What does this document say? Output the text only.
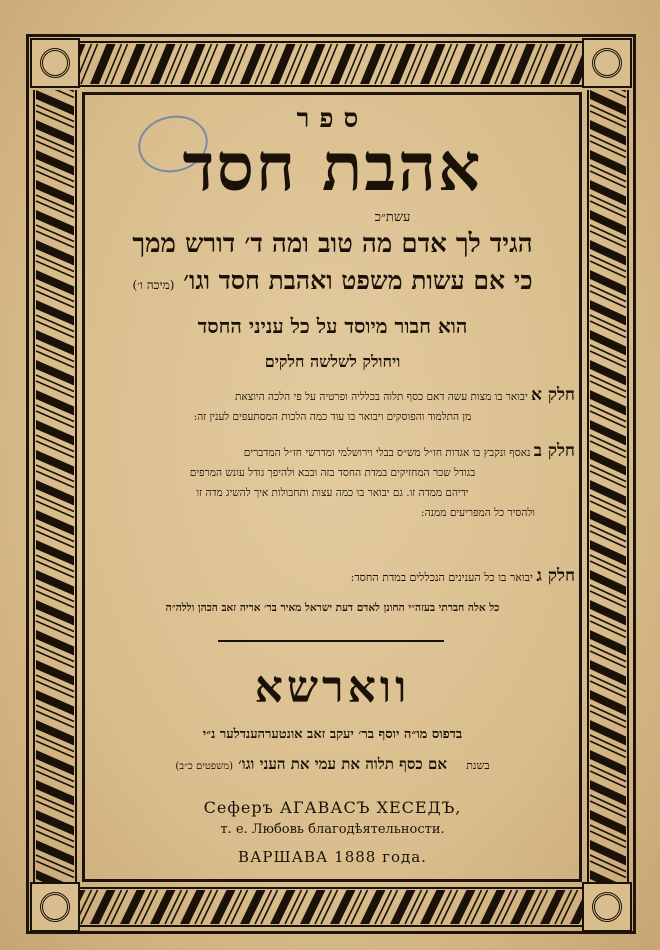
ספר
אהבת חסד
עשת״כ
הגיד לך אדם מה טוב ומה ד׳ דורש ממך
כי אם עשות משפט ואהבת חסד וגו׳ (מיכה ו׳)
הוא חבור מיוסד על כל עניני החסד
ויחולק לשלשה חלקים
חלק א יבואר בו מצות עשה דאם כסף תלוה בכלליה ופרטיה על פי הלכה היוצאת
מן התלמוד והפוסקים ויבואר בו עוד כמה הלכות המסתעפים לענין זה:
חלק ב נאסף ונקבץ בו אגדות חז״ל מש״ס בבלי וירושלמי ומדרשי חז״ל המדברים
בגודל שכר המחזיקים במדת החסד בזה ובבא ולהיפך גודל עונש המרפים
ידיהם ממדה זו. גם יבואר בו כמה עצות ותחבולות איך להשיג מדה זו
ולהסיר כל המפריעים ממנה:
חלק ג יבואר בו כל הענינים הנכללים במדת החסד:
כל אלה חברתי בעזה״י החונן לאדם דעת ישראל מאיר בר׳ אריה זאב הכהן וללה״ה
ווארשא
בדפוס מו״ה יוסף בר׳ יעקב זאב אונטערהענדלער נ״י
בשנת אם כסף תלוה את עמי את העני וגו׳ (משפטים כ״ב)
Сеферъ АГАВАСЪ ХЕСЕДЪ,
т. е. Любовь благодѣятельности.
ВАРШАВА 1888 года.
